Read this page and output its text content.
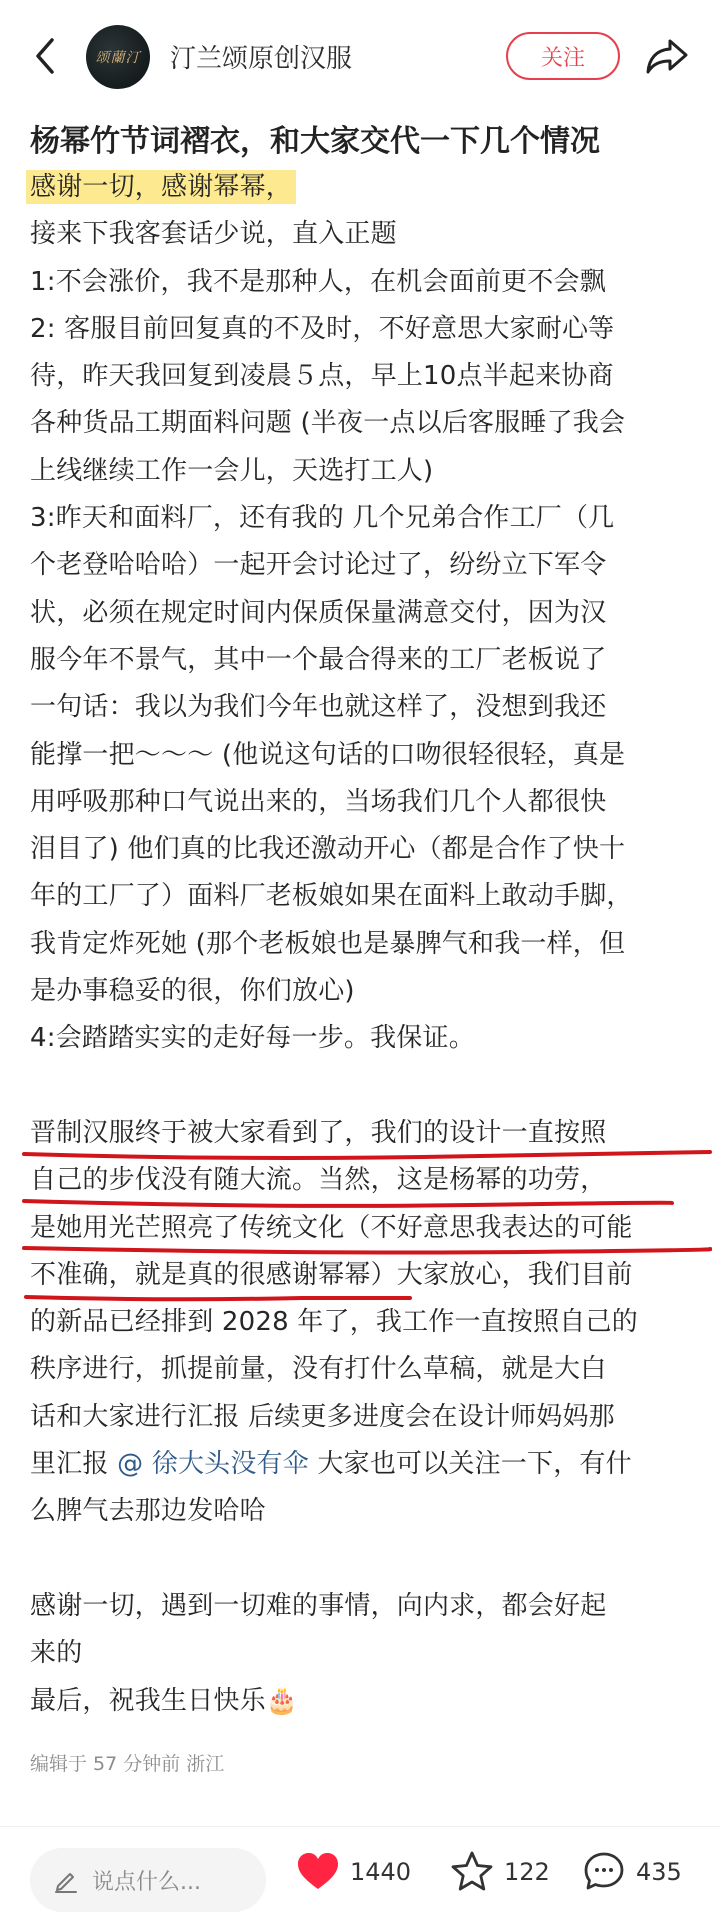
颂蘭汀 汀兰颂原创汉服	关注
杨幂竹节词褶衣，和大家交代一下几个情况
感谢一切，感谢幂幂，
接来下我客套话少说，直入正题
1:不会涨价，我不是那种人，在机会面前更不会飘
2: 客服目前回复真的不及时，不好意思大家耐心等
待，昨天我回复到凌晨５点，早上10点半起来协商
各种货品工期面料问题 (半夜一点以后客服睡了我会
上线继续工作一会儿，天选打工人)
3:昨天和面料厂，还有我的 几个兄弟合作工厂（几
个老登哈哈哈）一起开会讨论过了，纷纷立下军令
状，必须在规定时间内保质保量满意交付，因为汉
服今年不景气，其中一个最合得来的工厂老板说了
一句话：我以为我们今年也就这样了，没想到我还
能撑一把～～～ (他说这句话的口吻很轻很轻，真是
用呼吸那种口气说出来的，当场我们几个人都很快
泪目了) 他们真的比我还激动开心（都是合作了快十
年的工厂了）面料厂老板娘如果在面料上敢动手脚，
我肯定炸死她 (那个老板娘也是暴脾气和我一样，但
是办事稳妥的很，你们放心)
4:会踏踏实实的走好每一步。我保证。
晋制汉服终于被大家看到了，我们的设计一直按照
自己的步伐没有随大流。当然，这是杨幂的功劳，
是她用光芒照亮了传统文化（不好意思我表达的可能
不准确，就是真的很感谢幂幂）大家放心，我们目前
的新品已经排到 2028 年了，我工作一直按照自己的
秩序进行，抓提前量，没有打什么草稿，就是大白
话和大家进行汇报 后续更多进度会在设计师妈妈那
里汇报 @ 徐大头没有伞 大家也可以关注一下，有什
么脾气去那边发哈哈
感谢一切，遇到一切难的事情，向内求，都会好起
来的
最后，祝我生日快乐🎂
编辑于 57 分钟前 浙江
说点什么...	1440	122	435
